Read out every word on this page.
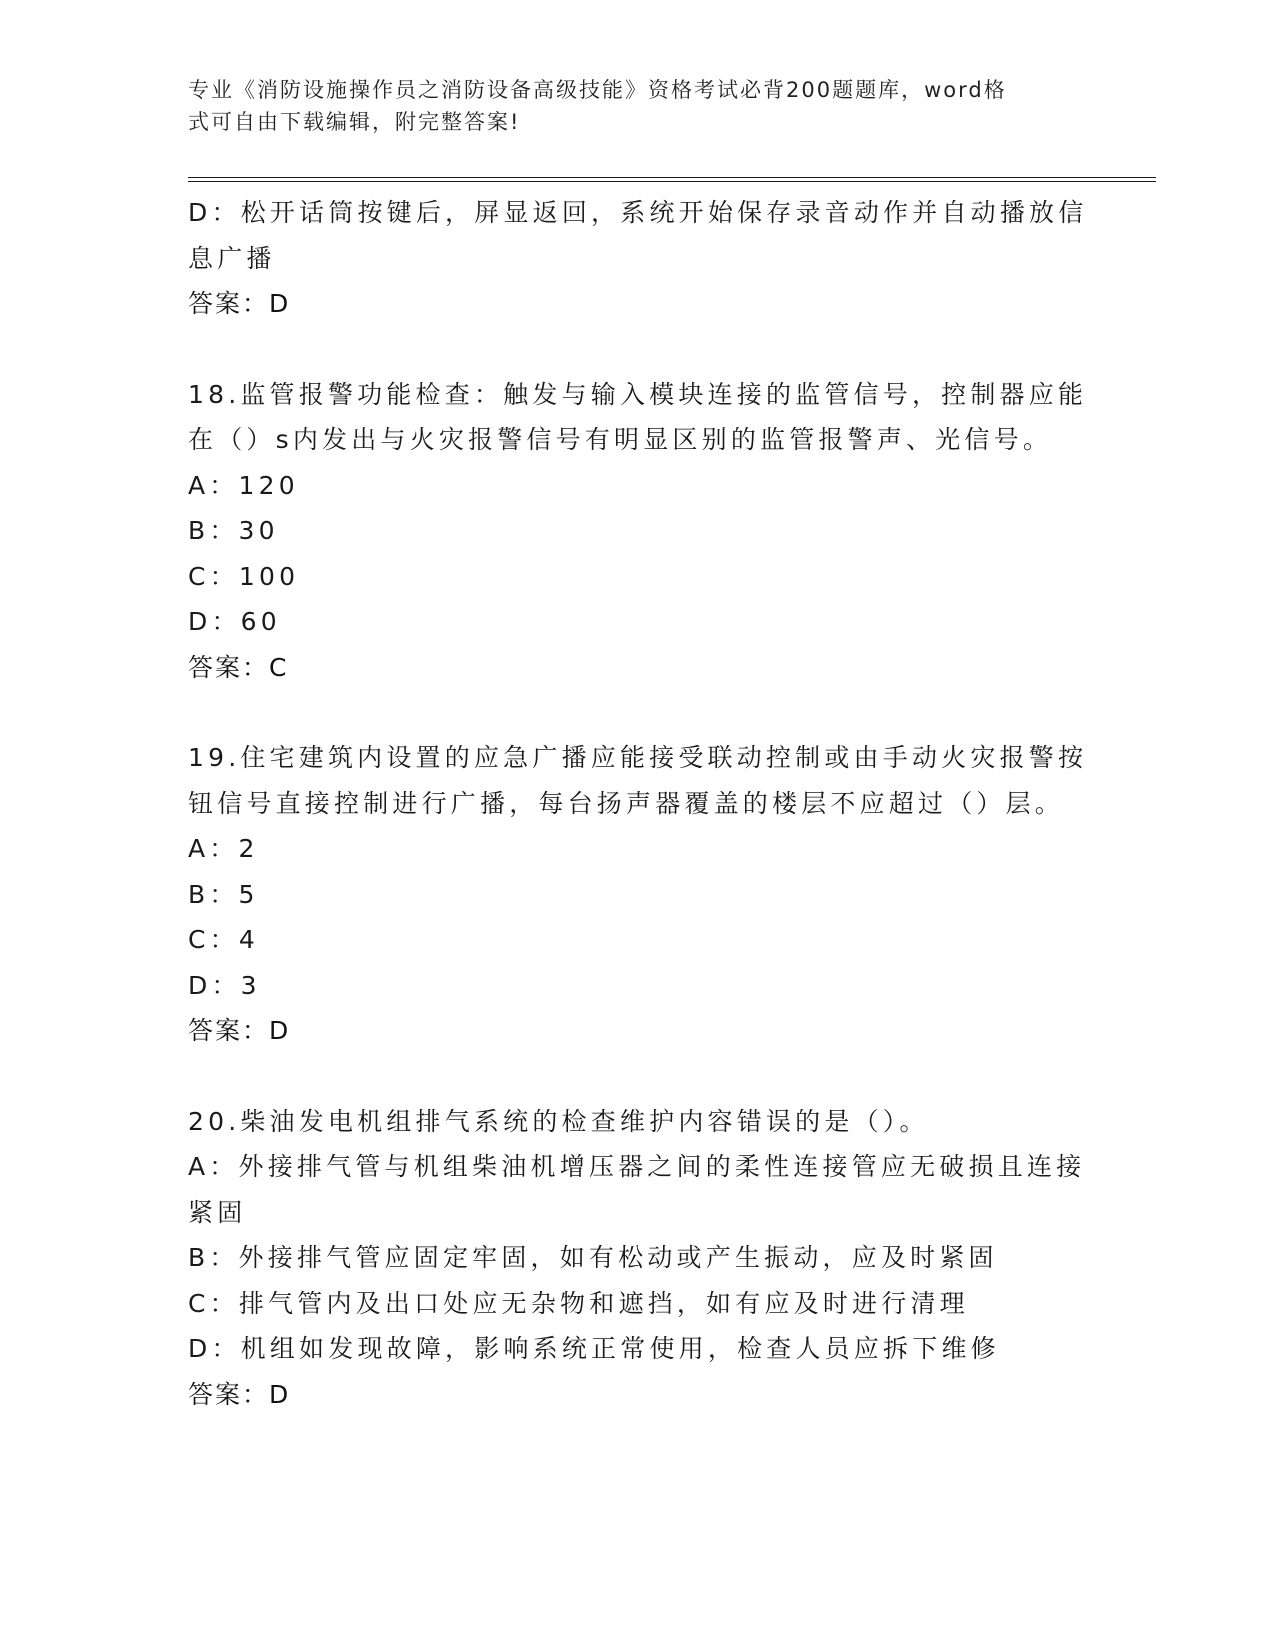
专业《消防设施操作员之消防设备高级技能》资格考试必背200题题库，word格
式可自由下载编辑，附完整答案!
D：松开话筒按键后，屏显返回，系统开始保存录音动作并自动播放信
息广播
答案：D
18.监管报警功能检查：触发与输入模块连接的监管信号，控制器应能
在（）s内发出与火灾报警信号有明显区别的监管报警声、光信号。
A：120
B：30
C：100
D：60
答案：C
19.住宅建筑内设置的应急广播应能接受联动控制或由手动火灾报警按
钮信号直接控制进行广播，每台扬声器覆盖的楼层不应超过（）层。
A：2
B：5
C：4
D：3
答案：D
20.柴油发电机组排气系统的检查维护内容错误的是（）。
A：外接排气管与机组柴油机增压器之间的柔性连接管应无破损且连接
紧固
B：外接排气管应固定牢固，如有松动或产生振动，应及时紧固
C：排气管内及出口处应无杂物和遮挡，如有应及时进行清理
D：机组如发现故障，影响系统正常使用，检查人员应拆下维修
答案：D
